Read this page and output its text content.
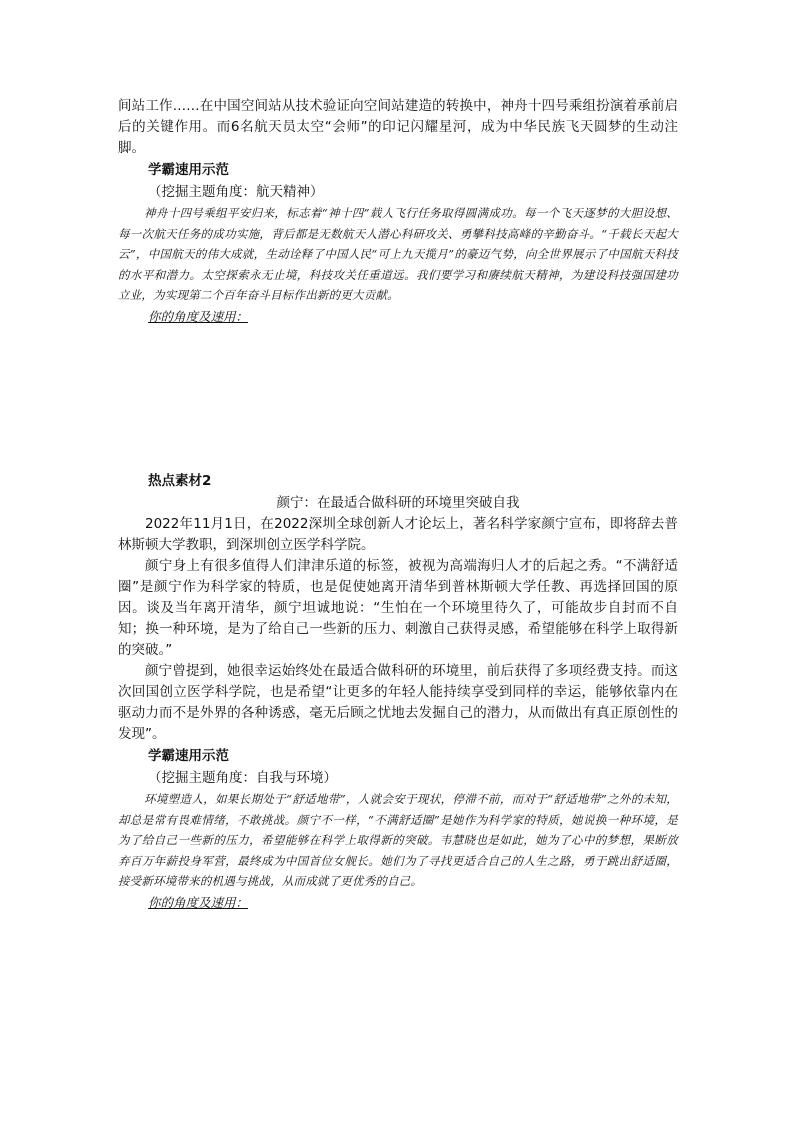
间站工作……在中国空间站从技术验证向空间站建造的转换中，神舟十四号乘组扮演着承前启后的关键作用。而6名航天员太空“会师”的印记闪耀星河，成为中华民族飞天圆梦的生动注脚。

学霸速用示范

（挖掘主题角度：航天精神）

神舟十四号乘组平安归来，标志着“神十四”载人飞行任务取得圆满成功。每一个飞天逐梦的大胆设想、每一次航天任务的成功实施，背后都是无数航天人潜心科研攻关、勇攀科技高峰的辛勤奋斗。“千载长天起大云”，中国航天的伟大成就，生动诠释了中国人民“可上九天揽月”的豪迈气势，向全世界展示了中国航天科技的水平和潜力。太空探索永无止境，科技攻关任重道远。我们要学习和赓续航天精神，为建设科技强国建功立业，为实现第二个百年奋斗目标作出新的更大贡献。

你的角度及速用：

热点素材2

颜宁：在最适合做科研的环境里突破自我

2022年11月1日，在2022深圳全球创新人才论坛上，著名科学家颜宁宣布，即将辞去普林斯顿大学教职，到深圳创立医学科学院。

颜宁身上有很多值得人们津津乐道的标签，被视为高端海归人才的后起之秀。“不满舒适圈”是颜宁作为科学家的特质，也是促使她离开清华到普林斯顿大学任教、再选择回国的原因。谈及当年离开清华，颜宁坦诚地说：“生怕在一个环境里待久了，可能故步自封而不自知；换一种环境，是为了给自己一些新的压力、刺激自己获得灵感，希望能够在科学上取得新的突破。”

颜宁曾提到，她很幸运始终处在最适合做科研的环境里，前后获得了多项经费支持。而这次回国创立医学科学院，也是希望“让更多的年轻人能持续享受到同样的幸运，能够依靠内在驱动力而不是外界的各种诱惑，毫无后顾之忧地去发掘自己的潜力，从而做出有真正原创性的发现”。

学霸速用示范

（挖掘主题角度：自我与环境）

环境塑造人，如果长期处于“舒适地带”，人就会安于现状，停滞不前，而对于“舒适地带”之外的未知，却总是常有畏难情绪，不敢挑战。颜宁不一样，“不满舒适圈”是她作为科学家的特质，她说换一种环境，是为了给自己一些新的压力，希望能够在科学上取得新的突破。韦慧晓也是如此，她为了心中的梦想，果断放弃百万年薪投身军营，最终成为中国首位女舰长。她们为了寻找更适合自己的人生之路，勇于跳出舒适圈，接受新环境带来的机遇与挑战，从而成就了更优秀的自己。

你的角度及速用：
